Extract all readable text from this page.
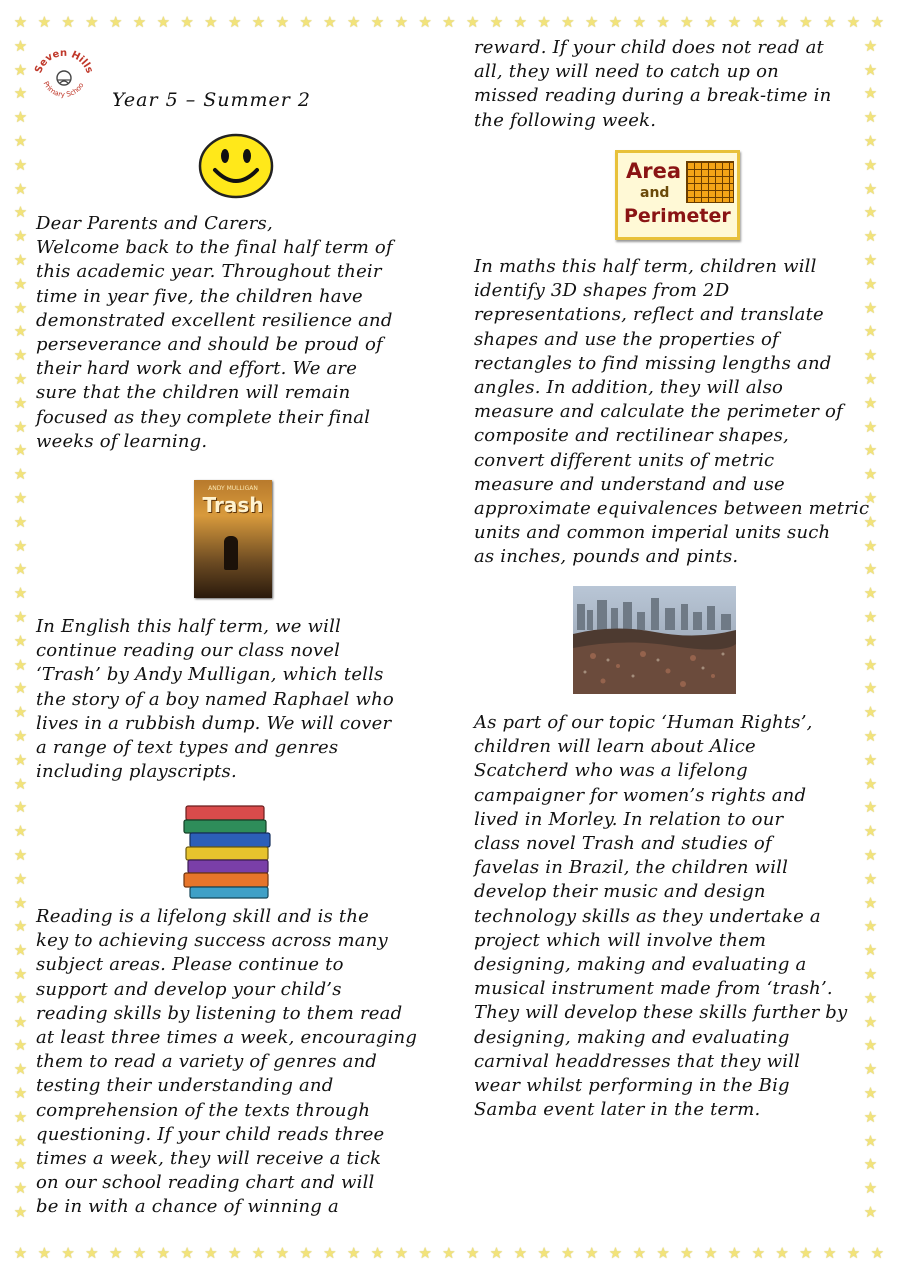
★
★
★
★
★
★
★
★
★
★
★
★
★
★
★
★
★
★
★
★
★
★
★
★
★
★
★
★
★
★
★
★
★
★
★
★
★
★
★
★
★
★
★
★
★
★
★
★
★
★
★
★
★
★
★
★
★
★
★
★
★
★
★
★
★
★
★
★
★
★
★
★
★
★
★	★
★	★
★	★
★	★
★	★
★	★
★	★
★	★
★	★
★	★
★	★
★	★
★	★
★	★
★	★
★	★
★	★
★	★
★	★
★	★
★	★
★	★
★	★
★	★
★	★
★	★
★	★
★	★
★	★
★	★
★	★
★	★
★	★
★	★
★	★
★	★
★	★
★	★
★	★
★	★
★	★
★	★
★	★
★	★
★	★
★	★
★	★
★	★
★	★
★	★
Seven Hills
Primary Schoo
Year 5 – Summer 2
Dear Parents and Carers,
Welcome back to the final half term of
this academic year. Throughout their
time in year five, the children have
demonstrated excellent resilience and
perseverance and should be proud of
their hard work and effort. We are
sure that the children will remain
focused as they complete their final
weeks of learning.
ANDY MULLIGAN
Trash
In English this half term, we will
continue reading our class novel
‘Trash’ by Andy Mulligan, which tells
the story of a boy named Raphael who
lives in a rubbish dump. We will cover
a range of text types and genres
including playscripts.
Reading is a lifelong skill and is the
key to achieving success across many
subject areas. Please continue to
support and develop your child’s
reading skills by listening to them read
at least three times a week, encouraging
them to read a variety of genres and
testing their understanding and
comprehension of the texts through
questioning. If your child reads three
times a week, they will receive a tick
on our school reading chart and will
be in with a chance of winning a
reward. If your child does not read at
all, they will need to catch up on
missed reading during a break-time in
the following week.
Area
and
Perimeter
In maths this half term, children will
identify 3D shapes from 2D
representations, reflect and translate
shapes and use the properties of
rectangles to find missing lengths and
angles. In addition, they will also
measure and calculate the perimeter of
composite and rectilinear shapes,
convert different units of metric
measure and understand and use
approximate equivalences between metric
units and common imperial units such
as inches, pounds and pints.
As part of our topic ‘Human Rights’,
children will learn about Alice
Scatcherd who was a lifelong
campaigner for women’s rights and
lived in Morley. In relation to our
class novel Trash and studies of
favelas in Brazil, the children will
develop their music and design
technology skills as they undertake a
project which will involve them
designing, making and evaluating a
musical instrument made from ‘trash’.
They will develop these skills further by
designing, making and evaluating
carnival headdresses that they will
wear whilst performing in the Big
Samba event later in the term.
